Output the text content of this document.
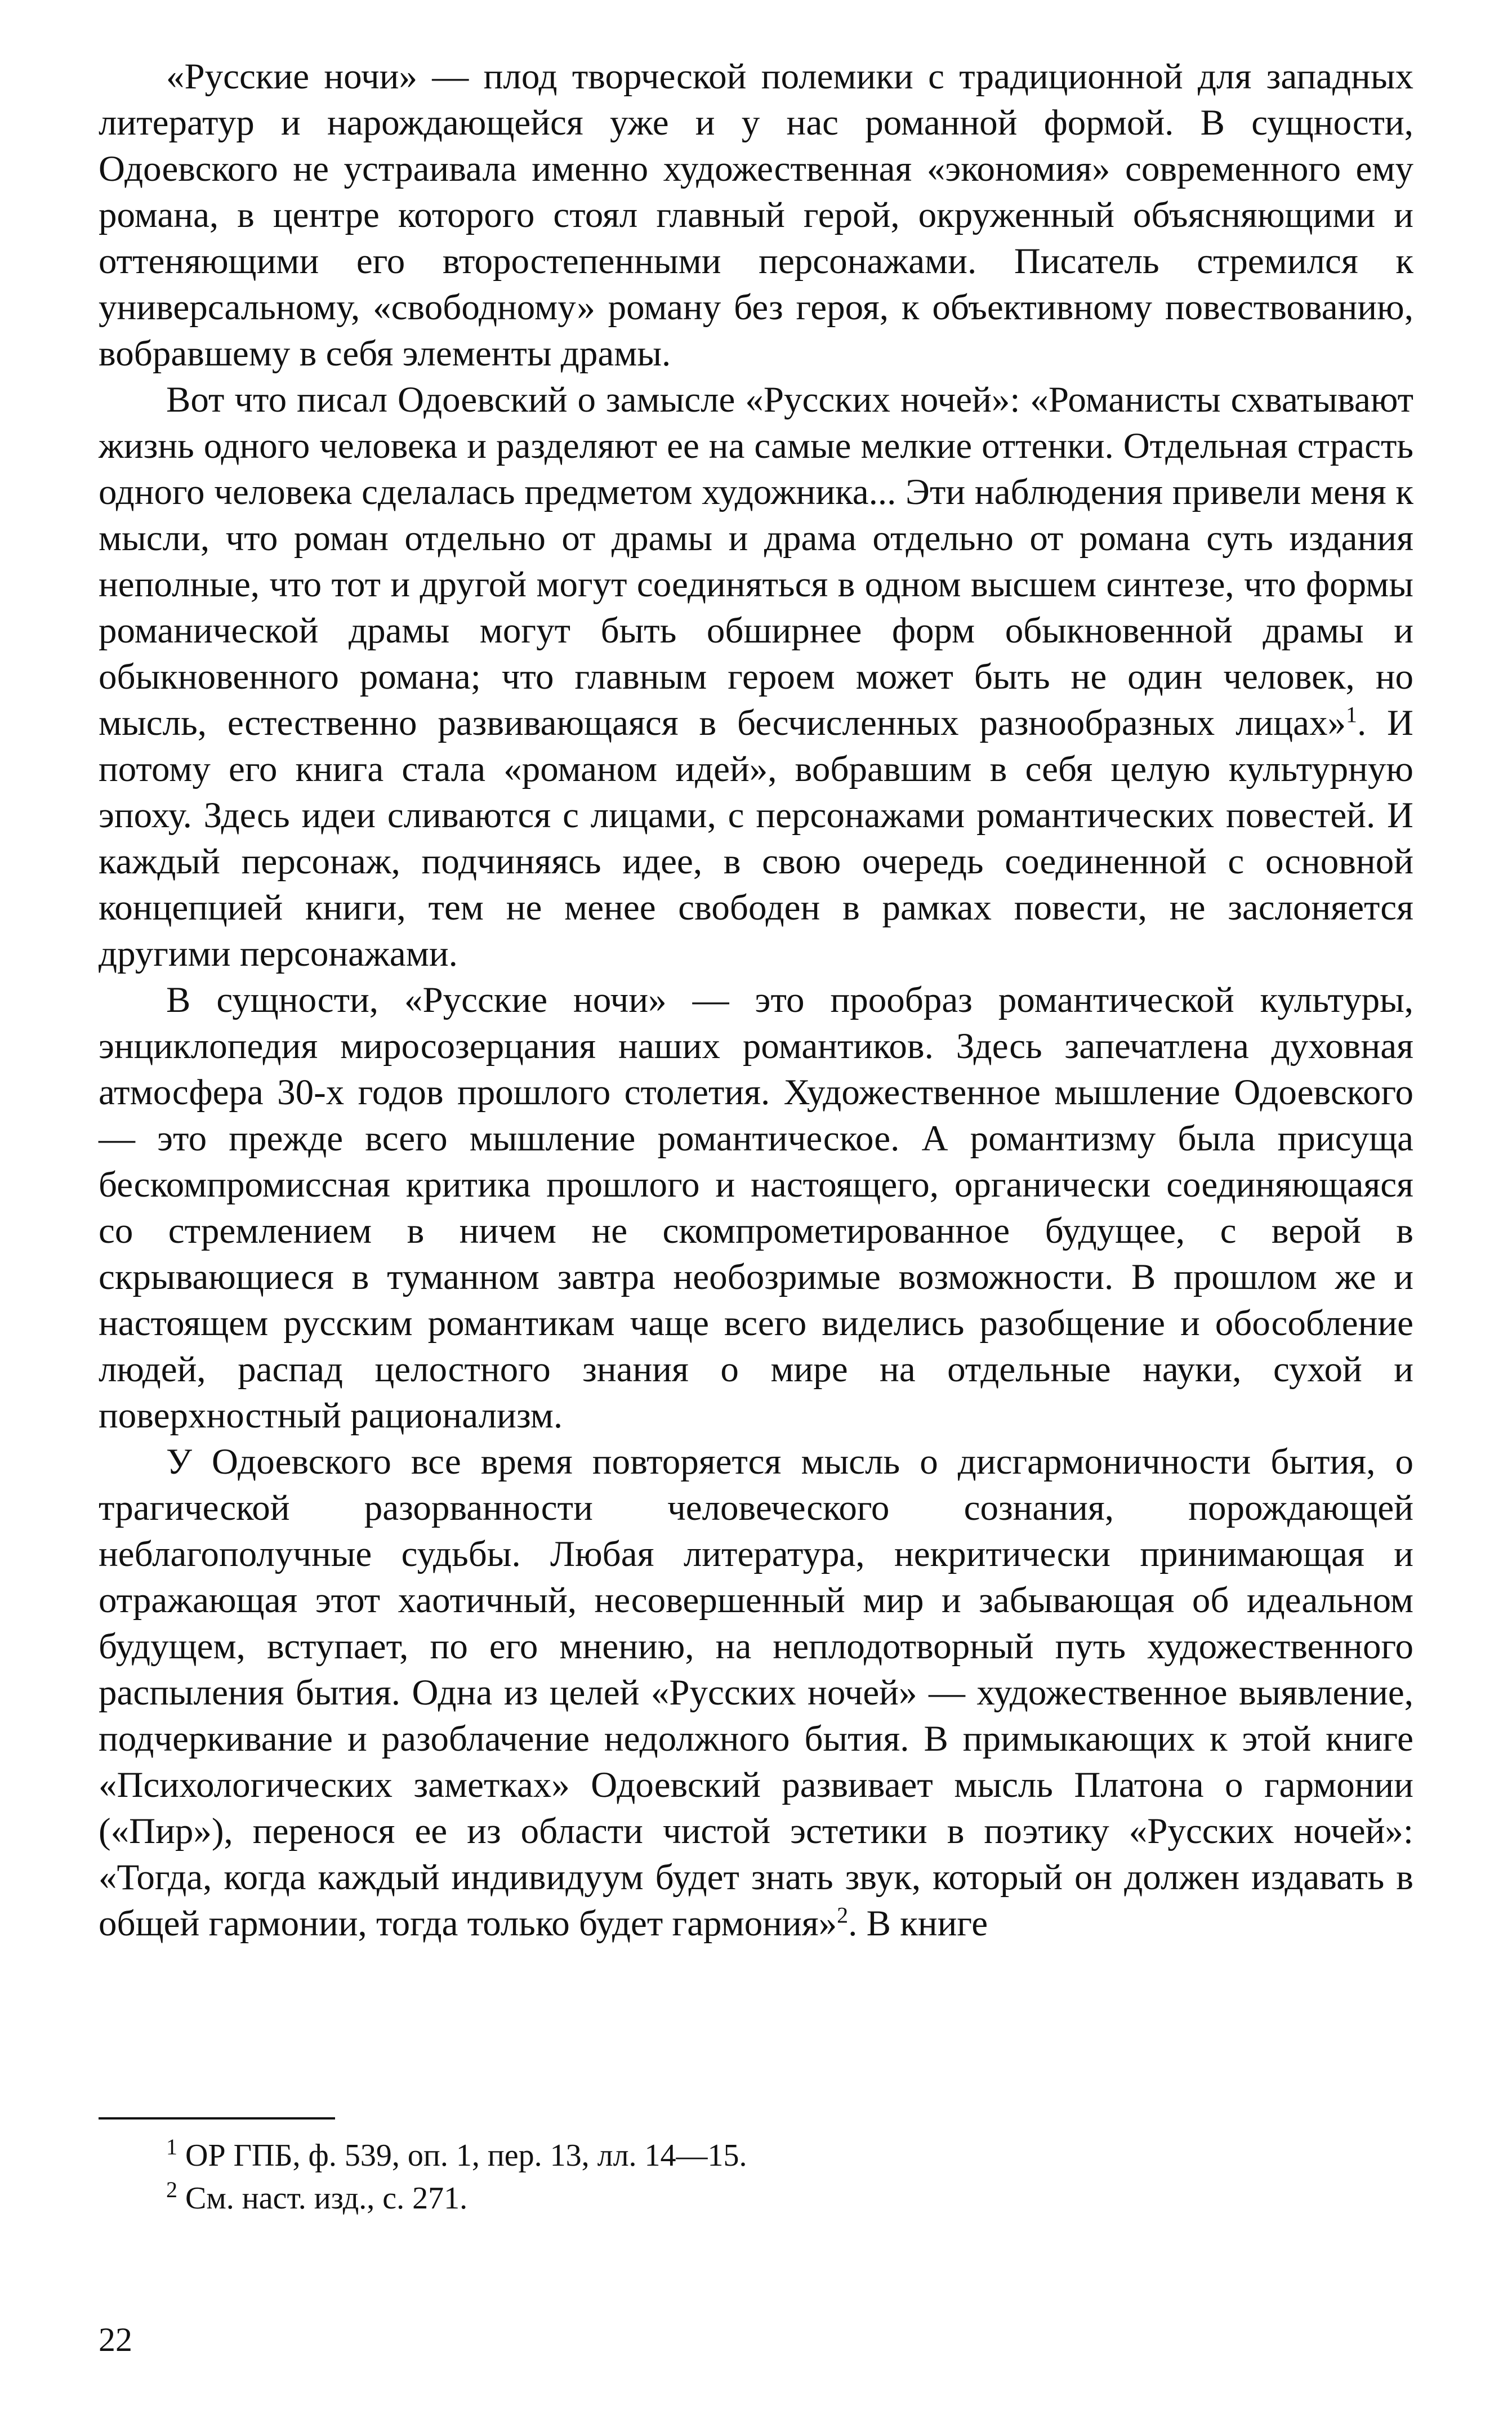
«Русские ночи» — плод творческой полемики с традиционной для западных литератур и нарождающейся уже и у нас романной формой. В сущности, Одоевского не устраивала именно художественная «экономия» современного ему романа, в центре которого стоял главный герой, окруженный объясняющими и оттеняющими его второстепенными персонажами. Писатель стремился к универсальному, «свободному» роману без героя, к объективному повествованию, вобравшему в себя элементы драмы.

Вот что писал Одоевский о замысле «Русских ночей»: «Романисты схватывают жизнь одного человека и разделяют ее на самые мелкие оттенки. Отдельная страсть одного человека сделалась предметом художника... Эти наблюдения привели меня к мысли, что роман отдельно от драмы и драма отдельно от романа суть издания неполные, что тот и другой могут соединяться в одном высшем синтезе, что формы романической драмы могут быть обширнее форм обыкновенной драмы и обыкновенного романа; что главным героем может быть не один человек, но мысль, естественно развивающаяся в бесчисленных разнообразных лицах»$^1$. И потому его книга стала «романом идей», вобравшим в себя целую культурную эпоху. Здесь идеи сливаются с лицами, с персонажами романтических повестей. И каждый персонаж, подчиняясь идее, в свою очередь соединенной с основной концепцией книги, тем не менее свободен в рамках повести, не заслоняется другими персонажами.

В сущности, «Русские ночи» — это прообраз романтической культуры, энциклопедия миросозерцания наших романтиков. Здесь запечатлена духовная атмосфера 30-х годов прошлого столетия. Художественное мышление Одоевского — это прежде всего мышление романтическое. А романтизму была присуща бескомпромиссная критика прошлого и настоящего, органически соединяющаяся со стремлением в ничем не скомпрометированное будущее, с верой в скрывающиеся в туманном завтра необозримые возможности. В прошлом же и настоящем русским романтикам чаще всего виделись разобщение и обособление людей, распад целостного знания о мире на отдельные науки, сухой и поверхностный рационализм.

У Одоевского все время повторяется мысль о дисгармоничности бытия, о трагической разорванности человеческого сознания, порождающей неблагополучные судьбы. Любая литература, некритически принимающая и отражающая этот хаотичный, несовершенный мир и забывающая об идеальном будущем, вступает, по его мнению, на неплодотворный путь художественного распыления бытия. Одна из целей «Русских ночей» — художественное выявление, подчеркивание и разоблачение недолжного бытия. В примыкающих к этой книге «Психологических заметках» Одоевский развивает мысль Платона о гармонии («Пир»), перенося ее из области чистой эстетики в поэтику «Русских ночей»: «Тогда, когда каждый индивидуум будет знать звук, который он должен издавать в общей гармонии, тогда только будет гармония»$^2$. В книге

$^1$ ОР ГПБ, ф. 539, оп. 1, пер. 13, лл. 14—15.

$^2$ См. наст. изд., с. 271.

22
